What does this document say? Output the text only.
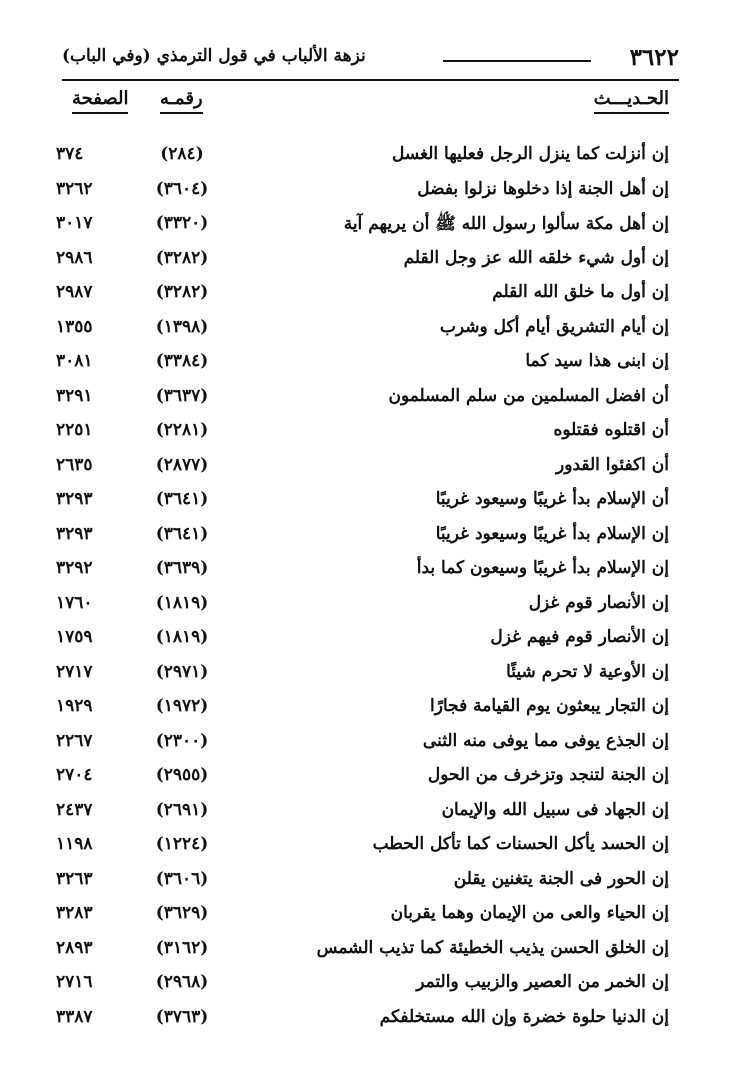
٣٦٢٢
نزهة الألباب في قول الترمذي (وفي الباب)
الحـديـــث
رقمـه
الصفحة
إن أنزلت كما ينزل الرجل فعليها الغسل
(٢٨٤)
٣٧٤
إن أهل الجنة إذا دخلوها نزلوا بفضل
(٣٦٠٤)
٣٢٦٢
إن أهل مكة سألوا رسول الله ﷺ أن يريهم آية
(٣٣٢٠)
٣٠١٧
إن أول شيء خلقه الله عز وجل القلم
(٣٢٨٢)
٢٩٨٦
إن أول ما خلق الله القلم
(٣٢٨٢)
٢٩٨٧
إن أيام التشريق أيام أكل وشرب
(١٣٩٨)
١٣٥٥
إن ابنى هذا سيد كما
(٣٣٨٤)
٣٠٨١
أن افضل المسلمين من سلم المسلمون
(٣٦٣٧)
٣٢٩١
أن اقتلوه فقتلوه
(٢٢٨١)
٢٢٥١
أن اكفئوا القدور
(٢٨٧٧)
٢٦٣٥
أن الإسلام بدأ غريبًا وسيعود غريبًا
(٣٦٤١)
٣٢٩٣
إن الإسلام بدأ غريبًا وسيعود غريبًا
(٣٦٤١)
٣٢٩٣
إن الإسلام بدأ غريبًا وسيعون كما بدأ
(٣٦٣٩)
٣٢٩٢
إن الأنصار قوم غزل
(١٨١٩)
١٧٦٠
إن الأنصار قوم فيهم غزل
(١٨١٩)
١٧٥٩
إن الأوعية لا تحرم شيئًا
(٢٩٧١)
٢٧١٧
إن التجار يبعثون يوم القيامة فجارًا
(١٩٧٢)
١٩٢٩
إن الجذع يوفى مما يوفى منه الثنى
(٢٣٠٠)
٢٢٦٧
إن الجنة لتنجد وتزخرف من الحول
(٢٩٥٥)
٢٧٠٤
إن الجهاد فى سبيل الله والإيمان
(٢٦٩١)
٢٤٣٧
إن الحسد يأكل الحسنات كما تأكل الحطب
(١٢٢٤)
١١٩٨
إن الحور فى الجنة يتغنين يقلن
(٣٦٠٦)
٣٢٦٣
إن الحياء والعى من الإيمان وهما يقربان
(٣٦٢٩)
٣٢٨٣
إن الخلق الحسن يذيب الخطيئة كما تذيب الشمس
(٣١٦٢)
٢٨٩٣
إن الخمر من العصير والزبيب والتمر
(٢٩٦٨)
٢٧١٦
إن الدنيا حلوة خضرة وإن الله مستخلفكم
(٣٧٦٣)
٣٣٨٧
